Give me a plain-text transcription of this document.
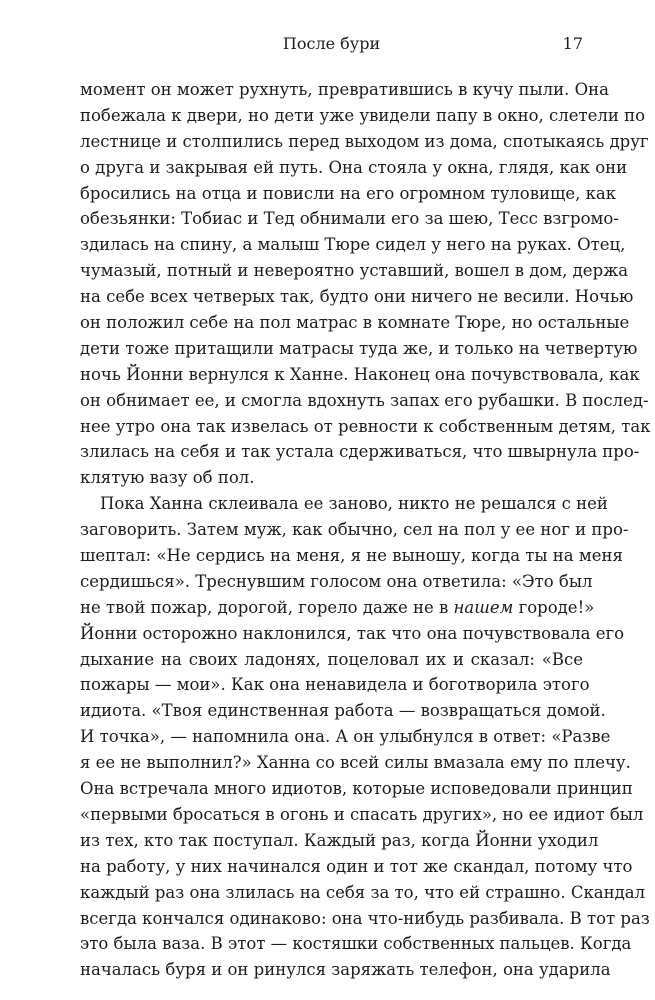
После бури	17
момент он может рухнуть, превратившись в кучу пыли. Она
побежала к двери, но дети уже увидели папу в окно, слетели по
лестнице и столпились перед выходом из дома, спотыкаясь друг
о друга и закрывая ей путь. Она стояла у окна, глядя, как они
бросились на отца и повисли на его огромном туловище, как
обезьянки: Тобиас и Тед обнимали его за шею, Тесс взгромо-
здилась на спину, а малыш Тюре сидел у него на руках. Отец,
чумазый, потный и невероятно уставший, вошел в дом, держа
на себе всех четверых так, будто они ничего не весили. Ночью
он положил себе на пол матрас в комнате Тюре, но остальные
дети тоже притащили матрасы туда же, и только на четвертую
ночь Йонни вернулся к Ханне. Наконец она почувствовала, как
он обнимает ее, и смогла вдохнуть запах его рубашки. В послед-
нее утро она так извелась от ревности к собственным детям, так
злилась на себя и так устала сдерживаться, что швырнула про-
клятую вазу об пол.
Пока Ханна склеивала ее заново, никто не решался с ней
заговорить. Затем муж, как обычно, сел на пол у ее ног и про-
шептал: «Не сердись на меня, я не выношу, когда ты на меня
сердишься». Треснувшим голосом она ответила: «Это был
не твой пожар, дорогой, горело даже не в нашем городе!»
Йонни осторожно наклонился, так что она почувствовала его
дыхание на своих ладонях, поцеловал их и сказал: «Все
пожары — мои». Как она ненавидела и боготворила этого
идиота. «Твоя единственная работа — возвращаться домой.
И точка», — напомнила она. А он улыбнулся в ответ: «Разве
я ее не выполнил?» Ханна со всей силы вмазала ему по плечу.
Она встречала много идиотов, которые исповедовали принцип
«первыми бросаться в огонь и спасать других», но ее идиот был
из тех, кто так поступал. Каждый раз, когда Йонни уходил
на работу, у них начинался один и тот же скандал, потому что
каждый раз она злилась на себя за то, что ей страшно. Скандал
всегда кончался одинаково: она что-нибудь разбивала. В тот раз
это была ваза. В этот — костяшки собственных пальцев. Когда
началась буря и он ринулся заряжать телефон, она ударила
